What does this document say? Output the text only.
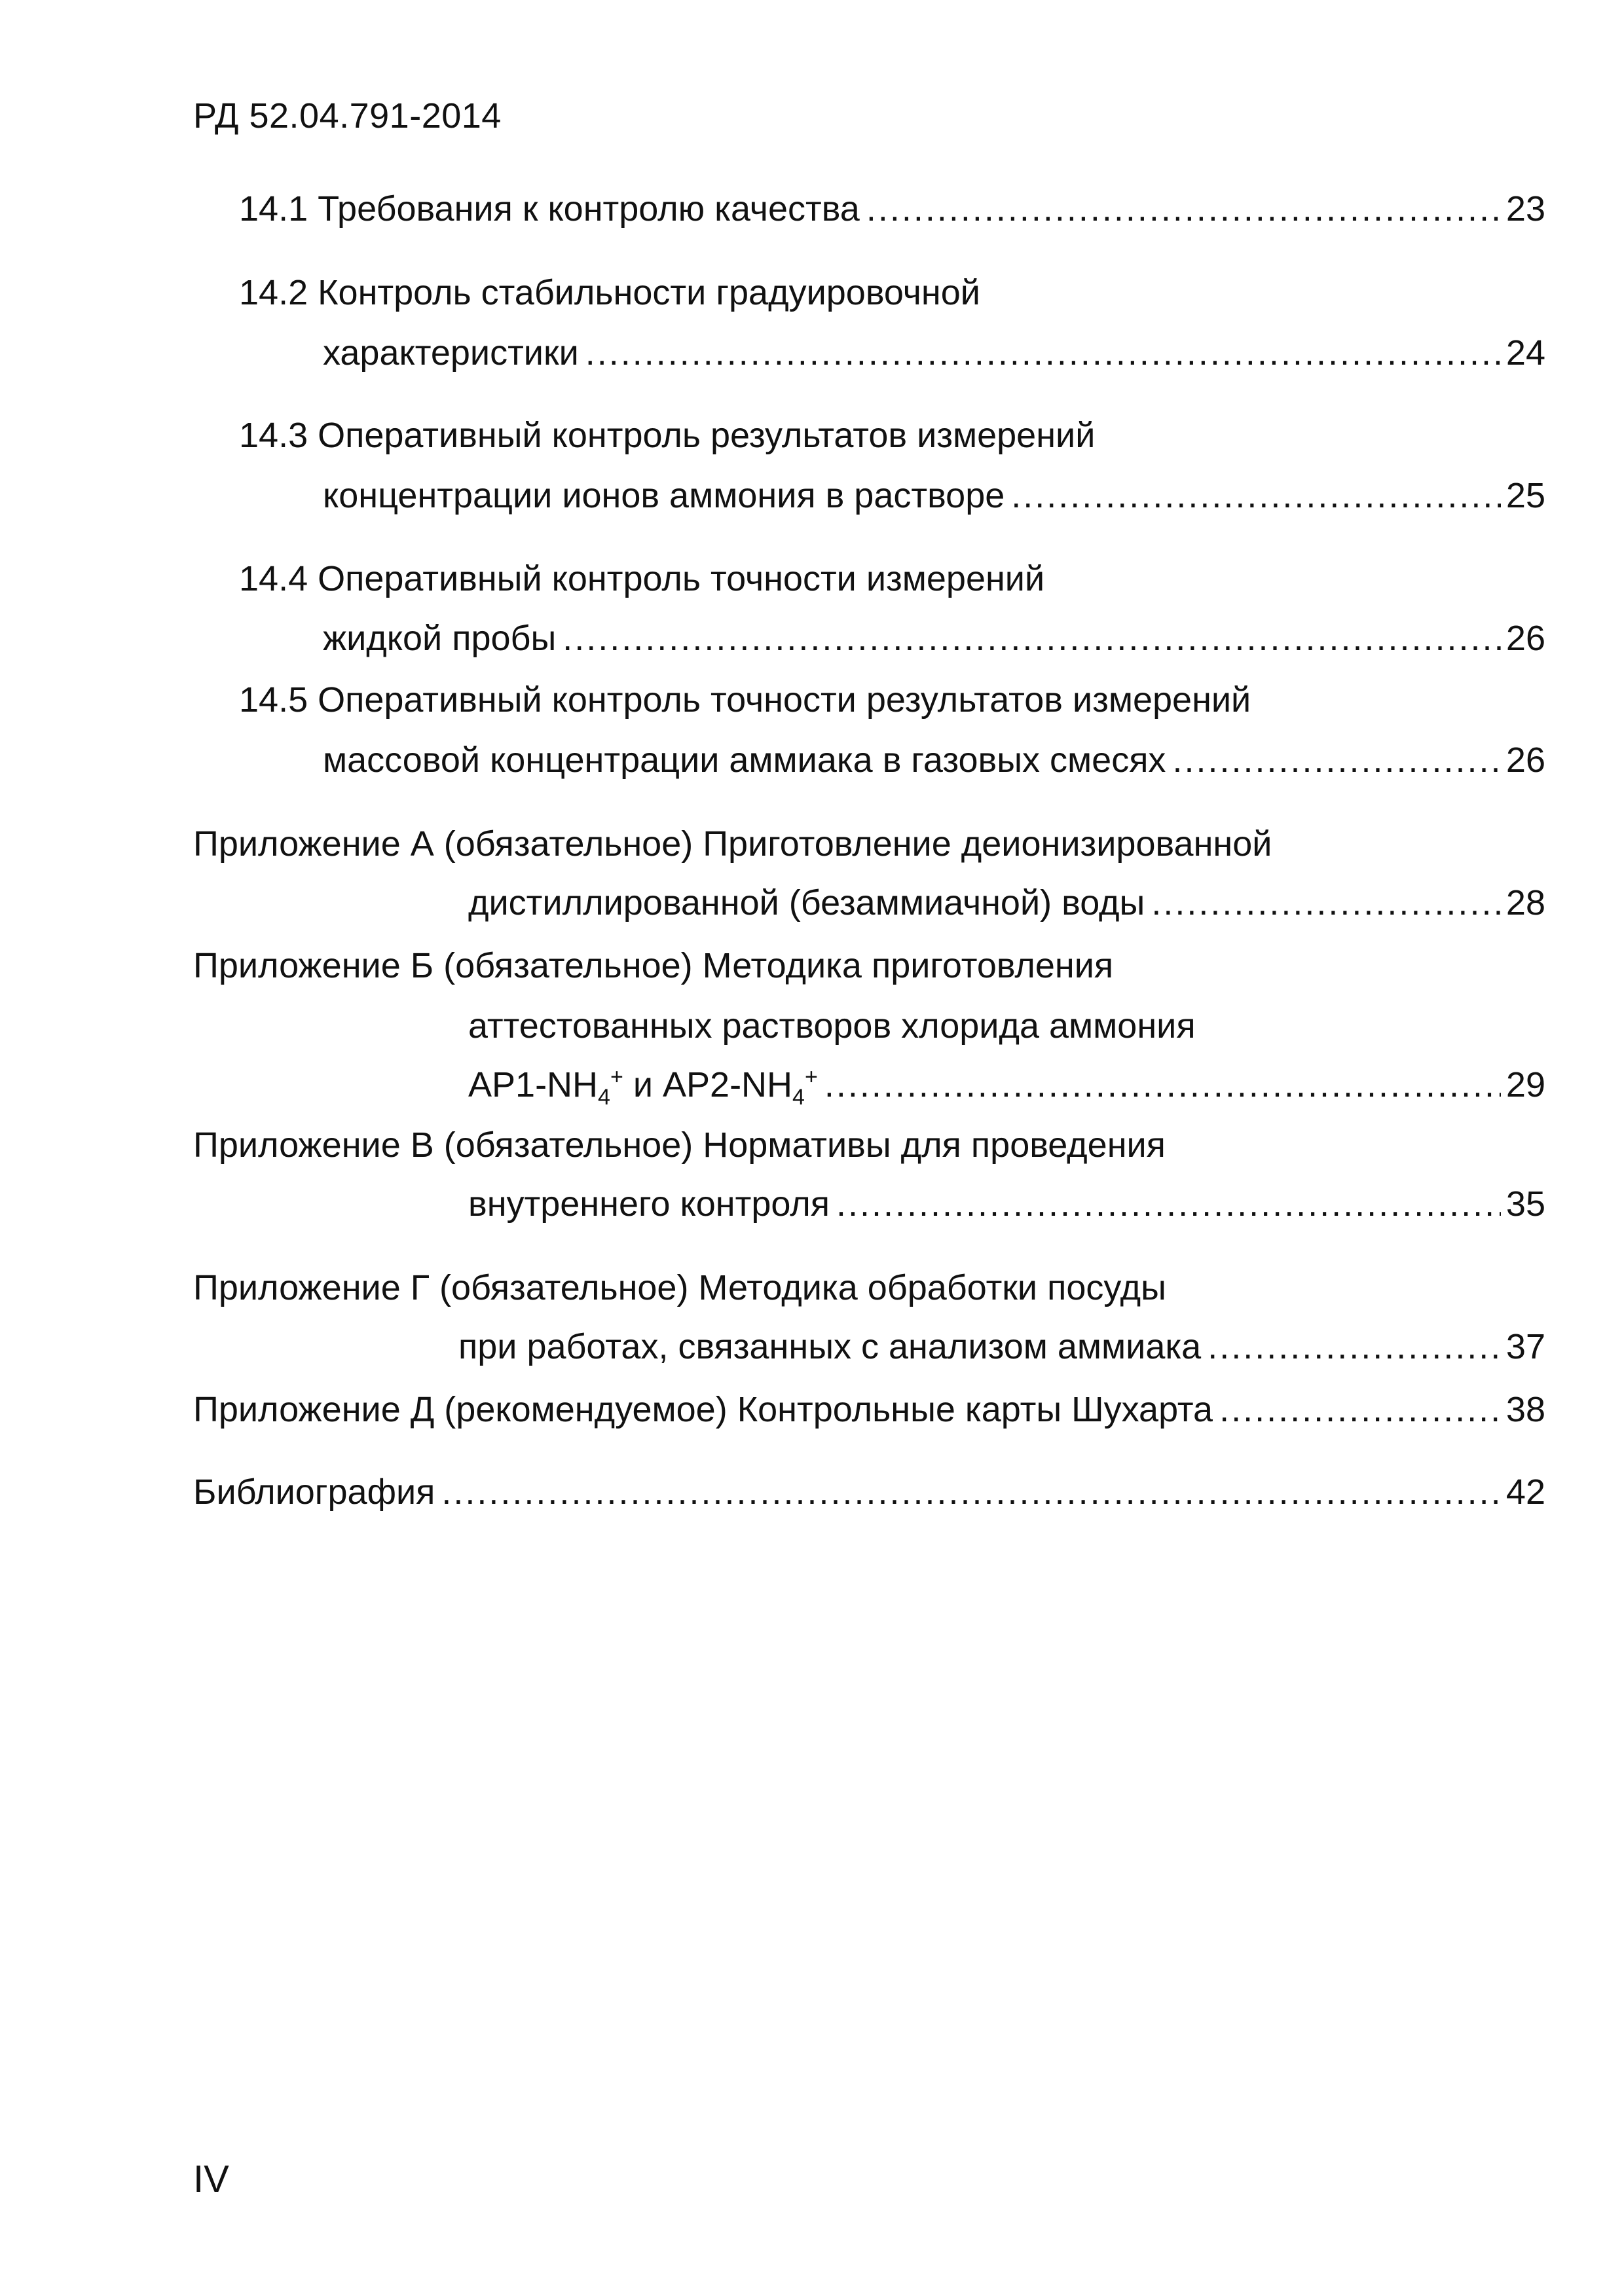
РД 52.04.791-2014
14.1 Требования к контролю качества .....	23
14.2 Контроль стабильности градуировочной
характеристики .....	24
14.3 Оперативный контроль результатов измерений
концентрации ионов аммония в растворе .....	25
14.4 Оперативный контроль точности измерений
жидкой пробы .....	26
14.5 Оперативный контроль точности результатов измерений
массовой концентрации аммиака в газовых смесях .....	26
Приложение А (обязательное) Приготовление деионизированной
дистиллированной (безаммиачной) воды .....	28
Приложение Б (обязательное) Методика приготовления
аттестованных растворов хлорида аммония
$АР1-NH_4^+$ и $АР2-NH_4^+$ .....	29
Приложение В (обязательное) Нормативы для проведения
внутреннего контроля .....	35
Приложение Г (обязательное) Методика обработки посуды
при работах, связанных с анализом аммиака .....	37
Приложение Д (рекомендуемое) Контрольные карты Шухарта .....	38
Библиография .....	42
IV
